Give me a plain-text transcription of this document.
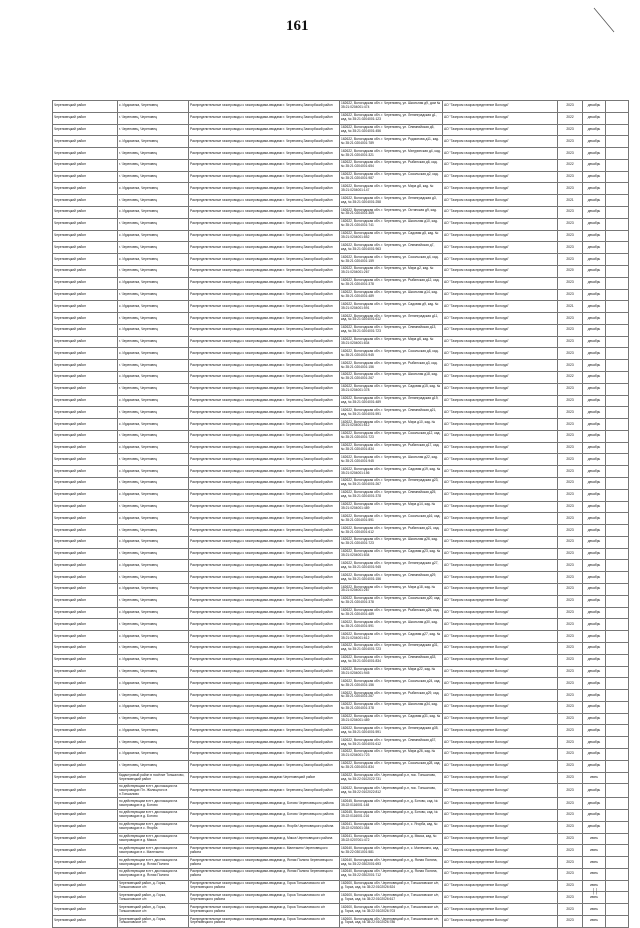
161
Череповецкий район	с. Ирдоматка, Череповец	Распределительные газопроводы с газопроводами-вводами г. Череповец Заягорбский район	162622, Вологодская обл. г. Череповец, ул. Школьная д9, дом № 35:21:0204001:474	АО "Газпром газораспределение Вологда"	2023	декабрь	
Череповецкий район	г. Череповец, Череповец	Распределительные газопроводы с газопроводами-вводами г. Череповец Заягорбский район	162622, Вологодская обл. г. Череповец, ул. Ленинградская д1, кад. № 35:21:0204001:123	АО "Газпром газораспределение Вологда"	2022	декабрь	
Череповецкий район	г. Череповец, Череповец	Распределительные газопроводы с газопроводами-вводами г. Череповец Заягорбский район	162622, Вологодская обл. г. Череповец, ул. Олимпийская д5, кад. № 35:21:0204001:456	АО "Газпром газораспределение Вологда"	2023	декабрь	
Череповецкий район	с. Ирдоматка, Череповец	Распределительные газопроводы с газопроводами-вводами г. Череповец Заягорбский район	162622, Вологодская обл. г. Череповец, ул. Родионова д11, кад. № 35:21:0204001:789	АО "Газпром газораспределение Вологда"	2023	декабрь	
Череповецкий район	г. Череповец, Череповец	Распределительные газопроводы с газопроводами-вводами г. Череповец Заягорбский район	162622, Вологодская обл. г. Череповец, ул. Матуринская д4, кад. № 35:21:0204001:321	АО "Газпром газораспределение Вологда"	2023	декабрь	
Череповецкий район	г. Череповец, Череповец	Распределительные газопроводы с газопроводами-вводами г. Череповец Заягорбский район	162622, Вологодская обл. г. Череповец, ул. Рыбинская д6, кад. № 35:21:0204001:654	АО "Газпром газораспределение Вологда"	2022	декабрь	
Череповецкий район	г. Череповец, Череповец	Распределительные газопроводы с газопроводами-вводами г. Череповец Заягорбский район	162622, Вологодская обл. г. Череповец, ул. Сокольская д2, кад. № 35:21:0204001:987	АО "Газпром газораспределение Вологда"	2023	декабрь	
Череповецкий район	с. Ирдоматка, Череповец	Распределительные газопроводы с газопроводами-вводами г. Череповец Заягорбский район	162622, Вологодская обл. г. Череповец, ул. Мира д8, кад. № 35:21:0204001:147	АО "Газпром газораспределение Вологда"	2023	декабрь	
Череповецкий район	г. Череповец, Череповец	Распределительные газопроводы с газопроводами-вводами г. Череповец Заягорбский район	162622, Вологодская обл. г. Череповец, ул. Ленинградская д3, кад. № 35:21:0204001:258	АО "Газпром газораспределение Вологда"	2021	декабрь	
Череповецкий район	с. Ирдоматка, Череповец	Распределительные газопроводы с газопроводами-вводами г. Череповец Заягорбский район	162622, Вологодская обл. г. Череповец, ул. Остинская д9, кад. № 35:21:0204001:369	АО "Газпром газораспределение Вологда"	2023	декабрь	
Череповецкий район	г. Череповец, Череповец	Распределительные газопроводы с газопроводами-вводами г. Череповец Заягорбский район	162622, Вологодская обл. г. Череповец, ул. Школьная д10, кад. № 35:21:0204001:741	АО "Газпром газораспределение Вологда"	2023	декабрь	
Череповецкий район	с. Ирдоматка, Череповец	Распределительные газопроводы с газопроводами-вводами г. Череповец Заягорбский район	162622, Вологодская обл. г. Череповец, ул. Садовая д5, кад. № 35:21:0204001:852	АО "Газпром газораспределение Вологда"	2023	декабрь	
Череповецкий район	г. Череповец, Череповец	Распределительные газопроводы с газопроводами-вводами г. Череповец Заягорбский район	162622, Вологодская обл. г. Череповец, ул. Олимпийская д7, кад. № 35:21:0204001:963	АО "Газпром газораспределение Вологда"	2023	декабрь	
Череповецкий район	с. Ирдоматка, Череповец	Распределительные газопроводы с газопроводами-вводами г. Череповец Заягорбский район	162622, Вологодская обл. г. Череповец, ул. Сокольская д4, кад. № 35:21:0204001:159	АО "Газпром газораспределение Вологда"	2023	декабрь	
Череповецкий район	г. Череповец, Череповец	Распределительные газопроводы с газопроводами-вводами г. Череповец Заягорбский район	162622, Вологодская обл. г. Череповец, ул. Мира д2, кад. № 35:21:0204001:267	АО "Газпром газораспределение Вологда"	2020	декабрь	
Череповецкий район	с. Ирдоматка, Череповец	Распределительные газопроводы с газопроводами-вводами г. Череповец Заягорбский район	162622, Вологодская обл. г. Череповец, ул. Рыбинская д12, кад. № 35:21:0204001:378	АО "Газпром газораспределение Вологда"	2023	декабрь	
Череповецкий район	г. Череповец, Череповец	Распределительные газопроводы с газопроводами-вводами г. Череповец Заягорбский район	162622, Вологодская обл. г. Череповец, ул. Школьная д14, кад. № 35:21:0204001:489	АО "Газпром газораспределение Вологда"	2023	декабрь	
Череповецкий район	с. Ирдоматка, Череповец	Распределительные газопроводы с газопроводами-вводами г. Череповец Заягорбский район	162622, Вологодская обл. г. Череповец, ул. Садовая д9, кад. № 35:21:0204001:591	АО "Газпром газораспределение Вологда"	2021	декабрь	
Череповецкий район	г. Череповец, Череповец	Распределительные газопроводы с газопроводами-вводами г. Череповец Заягорбский район	162622, Вологодская обл. г. Череповец, ул. Ленинградская д11, кад. № 35:21:0204001:612	АО "Газпром газораспределение Вологда"	2023	декабрь	
Череповецкий район	с. Ирдоматка, Череповец	Распределительные газопроводы с газопроводами-вводами г. Череповец Заягорбский район	162622, Вологодская обл. г. Череповец, ул. Олимпийская д13, кад. № 35:21:0204001:723	АО "Газпром газораспределение Вологда"	2023	декабрь	
Череповецкий район	г. Череповец, Череповец	Распределительные газопроводы с газопроводами-вводами г. Череповец Заягорбский район	162622, Вологодская обл. г. Череповец, ул. Мира д6, кад. № 35:21:0204001:834	АО "Газпром газораспределение Вологда"	2023	декабрь	
Череповецкий район	с. Ирдоматка, Череповец	Распределительные газопроводы с газопроводами-вводами г. Череповец Заягорбский район	162622, Вологодская обл. г. Череповец, ул. Сокольская д8, кад. № 35:21:0204001:945	АО "Газпром газораспределение Вологда"	2023	декабрь	
Череповецкий район	г. Череповец, Череповец	Распределительные газопроводы с газопроводами-вводами г. Череповец Заягорбский район	162622, Вологодская обл. г. Череповец, ул. Рыбинская д3, кад. № 35:21:0204001:156	АО "Газпром газораспределение Вологда"	2023	декабрь	
Череповецкий район	с. Ирдоматка, Череповец	Распределительные газопроводы с газопроводами-вводами г. Череповец Заягорбский район	162622, Вологодская обл. г. Череповец, ул. Школьная д18, кад. № 35:21:0204001:267	АО "Газпром газораспределение Вологда"	2022	декабрь	
Череповецкий район	г. Череповец, Череповец	Распределительные газопроводы с газопроводами-вводами г. Череповец Заягорбский район	162622, Вологодская обл. г. Череповец, ул. Садовая д15, кад. № 35:21:0204001:378	АО "Газпром газораспределение Вологда"	2023	декабрь	
Череповецкий район	с. Ирдоматка, Череповец	Распределительные газопроводы с газопроводами-вводами г. Череповец Заягорбский район	162622, Вологодская обл. г. Череповец, ул. Ленинградская д19, кад. № 35:21:0204001:489	АО "Газпром газораспределение Вологда"	2023	декабрь	
Череповецкий район	г. Череповец, Череповец	Распределительные газопроводы с газопроводами-вводами г. Череповец Заягорбский район	162622, Вологодская обл. г. Череповец, ул. Олимпийская д21, кад. № 35:21:0204001:591	АО "Газпром газораспределение Вологда"	2023	декабрь	
Череповецкий район	с. Ирдоматка, Череповец	Распределительные газопроводы с газопроводами-вводами г. Череповец Заягорбский район	162622, Вологодская обл. г. Череповец, ул. Мира д10, кад. № 35:21:0204001:612	АО "Газпром газораспределение Вологда"	2023	декабрь	
Череповецкий район	г. Череповец, Череповец	Распределительные газопроводы с газопроводами-вводами г. Череповец Заягорбский район	162622, Вологодская обл. г. Череповец, ул. Сокольская д12, кад. № 35:21:0204001:723	АО "Газпром газораспределение Вологда"	2023	декабрь	
Череповецкий район	с. Ирдоматка, Череповец	Распределительные газопроводы с газопроводами-вводами г. Череповец Заягорбский район	162622, Вологодская обл. г. Череповец, ул. Рыбинская д17, кад. № 35:21:0204001:834	АО "Газпром газораспределение Вологда"	2023	декабрь	
Череповецкий район	г. Череповец, Череповец	Распределительные газопроводы с газопроводами-вводами г. Череповец Заягорбский район	162622, Вологодская обл. г. Череповец, ул. Школьная д22, кад. № 35:21:0204001:945	АО "Газпром газораспределение Вологда"	2023	декабрь	
Череповецкий район	с. Ирдоматка, Череповец	Распределительные газопроводы с газопроводами-вводами г. Череповец Заягорбский район	162622, Вологодская обл. г. Череповец, ул. Садовая д19, кад. № 35:21:0204001:156	АО "Газпром газораспределение Вологда"	2023	декабрь	
Череповецкий район	г. Череповец, Череповец	Распределительные газопроводы с газопроводами-вводами г. Череповец Заягорбский район	162622, Вологодская обл. г. Череповец, ул. Ленинградская д23, кад. № 35:21:0204001:267	АО "Газпром газораспределение Вологда"	2023	декабрь	
Череповецкий район	с. Ирдоматка, Череповец	Распределительные газопроводы с газопроводами-вводами г. Череповец Заягорбский район	162622, Вологодская обл. г. Череповец, ул. Олимпийская д25, кад. № 35:21:0204001:378	АО "Газпром газораспределение Вологда"	2023	декабрь	
Череповецкий район	г. Череповец, Череповец	Распределительные газопроводы с газопроводами-вводами г. Череповец Заягорбский район	162622, Вологодская обл. г. Череповец, ул. Мира д14, кад. № 35:21:0204001:489	АО "Газпром газораспределение Вологда"	2023	декабрь	
Череповецкий район	с. Ирдоматка, Череповец	Распределительные газопроводы с газопроводами-вводами г. Череповец Заягорбский район	162622, Вологодская обл. г. Череповец, ул. Сокольская д16, кад. № 35:21:0204001:591	АО "Газпром газораспределение Вологда"	2023	декабрь	
Череповецкий район	г. Череповец, Череповец	Распределительные газопроводы с газопроводами-вводами г. Череповец Заягорбский район	162622, Вологодская обл. г. Череповец, ул. Рыбинская д21, кад. № 35:21:0204001:612	АО "Газпром газораспределение Вологда"	2023	декабрь	
Череповецкий район	с. Ирдоматка, Череповец	Распределительные газопроводы с газопроводами-вводами г. Череповец Заягорбский район	162622, Вологодская обл. г. Череповец, ул. Школьная д26, кад. № 35:21:0204001:723	АО "Газпром газораспределение Вологда"	2023	декабрь	
Череповецкий район	г. Череповец, Череповец	Распределительные газопроводы с газопроводами-вводами г. Череповец Заягорбский район	162622, Вологодская обл. г. Череповец, ул. Садовая д23, кад. № 35:21:0204001:834	АО "Газпром газораспределение Вологда"	2023	декабрь	
Череповецкий район	с. Ирдоматка, Череповец	Распределительные газопроводы с газопроводами-вводами г. Череповец Заягорбский район	162622, Вологодская обл. г. Череповец, ул. Ленинградская д27, кад. № 35:21:0204001:945	АО "Газпром газораспределение Вологда"	2023	декабрь	
Череповецкий район	г. Череповец, Череповец	Распределительные газопроводы с газопроводами-вводами г. Череповец Заягорбский район	162622, Вологодская обл. г. Череповец, ул. Олимпийская д29, кад. № 35:21:0204001:156	АО "Газпром газораспределение Вологда"	2023	декабрь	
Череповецкий район	с. Ирдоматка, Череповец	Распределительные газопроводы с газопроводами-вводами г. Череповец Заягорбский район	162622, Вологодская обл. г. Череповец, ул. Мира д18, кад. № 35:21:0204001:267	АО "Газпром газораспределение Вологда"	2023	декабрь	
Череповецкий район	г. Череповец, Череповец	Распределительные газопроводы с газопроводами-вводами г. Череповец Заягорбский район	162622, Вологодская обл. г. Череповец, ул. Сокольская д20, кад. № 35:21:0204001:378	АО "Газпром газораспределение Вологда"	2023	декабрь	
Череповецкий район	с. Ирдоматка, Череповец	Распределительные газопроводы с газопроводами-вводами г. Череповец Заягорбский район	162622, Вологодская обл. г. Череповец, ул. Рыбинская д25, кад. № 35:21:0204001:489	АО "Газпром газораспределение Вологда"	2023	декабрь	
Череповецкий район	г. Череповец, Череповец	Распределительные газопроводы с газопроводами-вводами г. Череповец Заягорбский район	162622, Вологодская обл. г. Череповец, ул. Школьная д30, кад. № 35:21:0204001:591	АО "Газпром газораспределение Вологда"	2023	декабрь	
Череповецкий район	с. Ирдоматка, Череповец	Распределительные газопроводы с газопроводами-вводами г. Череповец Заягорбский район	162622, Вологодская обл. г. Череповец, ул. Садовая д27, кад. № 35:21:0204001:612	АО "Газпром газораспределение Вологда"	2023	декабрь	
Череповецкий район	г. Череповец, Череповец	Распределительные газопроводы с газопроводами-вводами г. Череповец Заягорбский район	162622, Вологодская обл. г. Череповец, ул. Ленинградская д31, кад. № 35:21:0204001:723	АО "Газпром газораспределение Вологда"	2023	декабрь	
Череповецкий район	с. Ирдоматка, Череповец	Распределительные газопроводы с газопроводами-вводами г. Череповец Заягорбский район	162622, Вологодская обл. г. Череповец, ул. Олимпийская д33, кад. № 35:21:0204001:834	АО "Газпром газораспределение Вологда"	2023	декабрь	
Череповецкий район	г. Череповец, Череповец	Распределительные газопроводы с газопроводами-вводами г. Череповец Заягорбский район	162622, Вологодская обл. г. Череповец, ул. Мира д22, кад. № 35:21:0204001:945	АО "Газпром газораспределение Вологда"	2023	декабрь	
Череповецкий район	с. Ирдоматка, Череповец	Распределительные газопроводы с газопроводами-вводами г. Череповец Заягорбский район	162622, Вологодская обл. г. Череповец, ул. Сокольская д24, кад. № 35:21:0204001:156	АО "Газпром газораспределение Вологда"	2023	декабрь	
Череповецкий район	г. Череповец, Череповец	Распределительные газопроводы с газопроводами-вводами г. Череповец Заягорбский район	162622, Вологодская обл. г. Череповец, ул. Рыбинская д29, кад. № 35:21:0204001:267	АО "Газпром газораспределение Вологда"	2023	декабрь	
Череповецкий район	с. Ирдоматка, Череповец	Распределительные газопроводы с газопроводами-вводами г. Череповец Заягорбский район	162622, Вологодская обл. г. Череповец, ул. Школьная д34, кад. № 35:21:0204001:378	АО "Газпром газораспределение Вологда"	2023	декабрь	
Череповецкий район	г. Череповец, Череповец	Распределительные газопроводы с газопроводами-вводами г. Череповец Заягорбский район	162622, Вологодская обл. г. Череповец, ул. Садовая д31, кад. № 35:21:0204001:489	АО "Газпром газораспределение Вологда"	2023	декабрь	
Череповецкий район	с. Ирдоматка, Череповец	Распределительные газопроводы с газопроводами-вводами г. Череповец Заягорбский район	162622, Вологодская обл. г. Череповец, ул. Ленинградская д35, кад. № 35:21:0204001:591	АО "Газпром газораспределение Вологда"	2023	декабрь	
Череповецкий район	г. Череповец, Череповец	Распределительные газопроводы с газопроводами-вводами г. Череповец Заягорбский район	162622, Вологодская обл. г. Череповец, ул. Олимпийская д37, кад. № 35:21:0204001:612	АО "Газпром газораспределение Вологда"	2023	декабрь	
Череповецкий район	с. Ирдоматка, Череповец	Распределительные газопроводы с газопроводами-вводами г. Череповец Заягорбский район	162622, Вологодская обл. г. Череповец, ул. Мира д26, кад. № 35:21:0204001:723	АО "Газпром газораспределение Вологда"	2023	декабрь	
Череповецкий район	г. Череповец, Череповец	Распределительные газопроводы с газопроводами-вводами г. Череповец Заягорбский район	162622, Вологодская обл. г. Череповец, ул. Сокольская д28, кад. № 35:21:0204001:834	АО "Газпром газораспределение Вологда"	2023	декабрь	
Череповецкий район	Кадастровый район в посёлке Тоншалово, Череповецкий район	Распределительные газопроводы с газопроводами-вводами Череповецкий район	162622, Вологодская обл. Череповецкий р-н, пос. Тоншалово, кад. № 35:22:0102022:731	АО "Газпром газораспределение Вологда"	2023	июнь	
Череповецкий район	по действующим в пгт. дислокации на газопроводах Пл. Жилищного в п.Тоншалово	Распределительные газопроводы с газопроводами-вводами г. Череповец Заягорбский район	162622, Вологодская обл. Череповецкий р-н, пос. Тоншалово, кад. № 35:22:0102022:812	АО "Газпром газораспределение Вологда"	2023	декабрь	
Череповецкий район	по действующим в пгт. дислокации на газопроводах в д. Ботово	Распределительные газопроводы с газопроводами-вводами д. Ботово Череповецкого района	162645, Вологодская обл. Череповецкий р-н, д. Ботово, кад. № 35:22:0116001:148	АО "Газпром газораспределение Вологда"	2023	декабрь	
Череповецкий район	по действующим в пгт. дислокации на газопроводах в д. Ботово	Распределительные газопроводы с газопроводами-вводами д. Ботово Череповецкого района	162645, Вологодская обл. Череповецкий р-н, д. Ботово, кад. № 35:22:0116001:216	АО "Газпром газораспределение Вологда"	2023	декабрь	
Череповецкий район	по действующим в пгт. дислокации на газопроводах в с. Ягорба	Распределительные газопроводы с газопроводами-вводами с. Ягорба Череповецкого района	162641, Вологодская обл. Череповецкий р-н, с. Ягорба, кад. № 35:22:0203001:354	АО "Газпром газораспределение Вологда"	2023	декабрь	
Череповецкий район	по действующим в пгт. дислокации на газопроводах в д. Мякса	Распределительные газопроводы с газопроводами-вводами д. Мякса Череповецкого района	162641, Вологодская обл. Череповецкий р-н, д. Мякса, кад. № 35:22:0207001:472	АО "Газпром газораспределение Вологда"	2023	июнь	
Череповецкий район	по действующим в пгт. дислокации на газопроводах в с. Малечкино	Распределительные газопроводы с газопроводами-вводами с. Малечкино Череповецкого района	162640, Вологодская обл. Череповецкий р-н, с. Малечкино, кад. № 35:22:0301001:581	АО "Газпром газораспределение Вологда"	2023	июнь	
Череповецкий район	по действующим в пгт. дислокации на газопроводах в д. Ясная Поляна	Распределительные газопроводы с газопроводами-вводами д. Ясная Поляна Череповецкого района	162640, Вологодская обл. Череповецкий р-н, д. Ясная Поляна, кад. № 35:22:0302001:693	АО "Газпром газораспределение Вологда"	2023	июнь	
Череповецкий район	по действующим в пгт. дислокации на газопроводах в д. Ясная Поляна	Распределительные газопроводы с газопроводами-вводами д. Ясная Поляна Череповецкого района	162640, Вологодская обл. Череповецкий р-н, д. Ясная Поляна, кад. № 35:22:0302001:712	АО "Газпром газораспределение Вологда"	2023	июнь	
Череповецкий район	Череповецкий район, д. Горка, Тоншаловское с/п	Распределительные газопроводы с газопроводами-вводами д. Горка Тоншаловского с/п Череповецкого района	162600, Вологодская обл. Череповецкий р-н, Тоншаловское с/п, д. Горка, кад. № 35:22:0102026:524	АО "Газпром газораспределение Вологда"	2023	июнь	
Череповецкий район	Череповецкий район, д. Горка, Тоншаловское с/п	Распределительные газопроводы с газопроводами-вводами д. Горка Тоншаловского с/п Череповецкого района	162600, Вологодская обл. Череповецкий р-н, Тоншаловское с/п, д. Горка, кад. № 35:22:0102026:617	АО "Газпром газораспределение Вологда"	2023	июнь	
Череповецкий район	Череповецкий район, д. Горка, Тоншаловское с/п	Распределительные газопроводы с газопроводами-вводами д. Горка Тоншаловского с/п Череповецкого района	162600, Вологодская обл. Череповецкий р-н, Тоншаловское с/п, д. Горка, кад. № 35:22:0102026:703	АО "Газпром газораспределение Вологда"	2023	июнь	
Череповецкий район	Череповецкий район, д. Горка, Тоншаловское с/п	Распределительные газопроводы с газопроводами-вводами д. Горка Тоншаловского с/п Череповецкого района	162600, Вологодская обл. Череповецкий р-н, Тоншаловское с/п, д. Горка, кад. № 35:22:0102026:786	АО "Газпром газораспределение Вологда"	2023	июнь	
| |
